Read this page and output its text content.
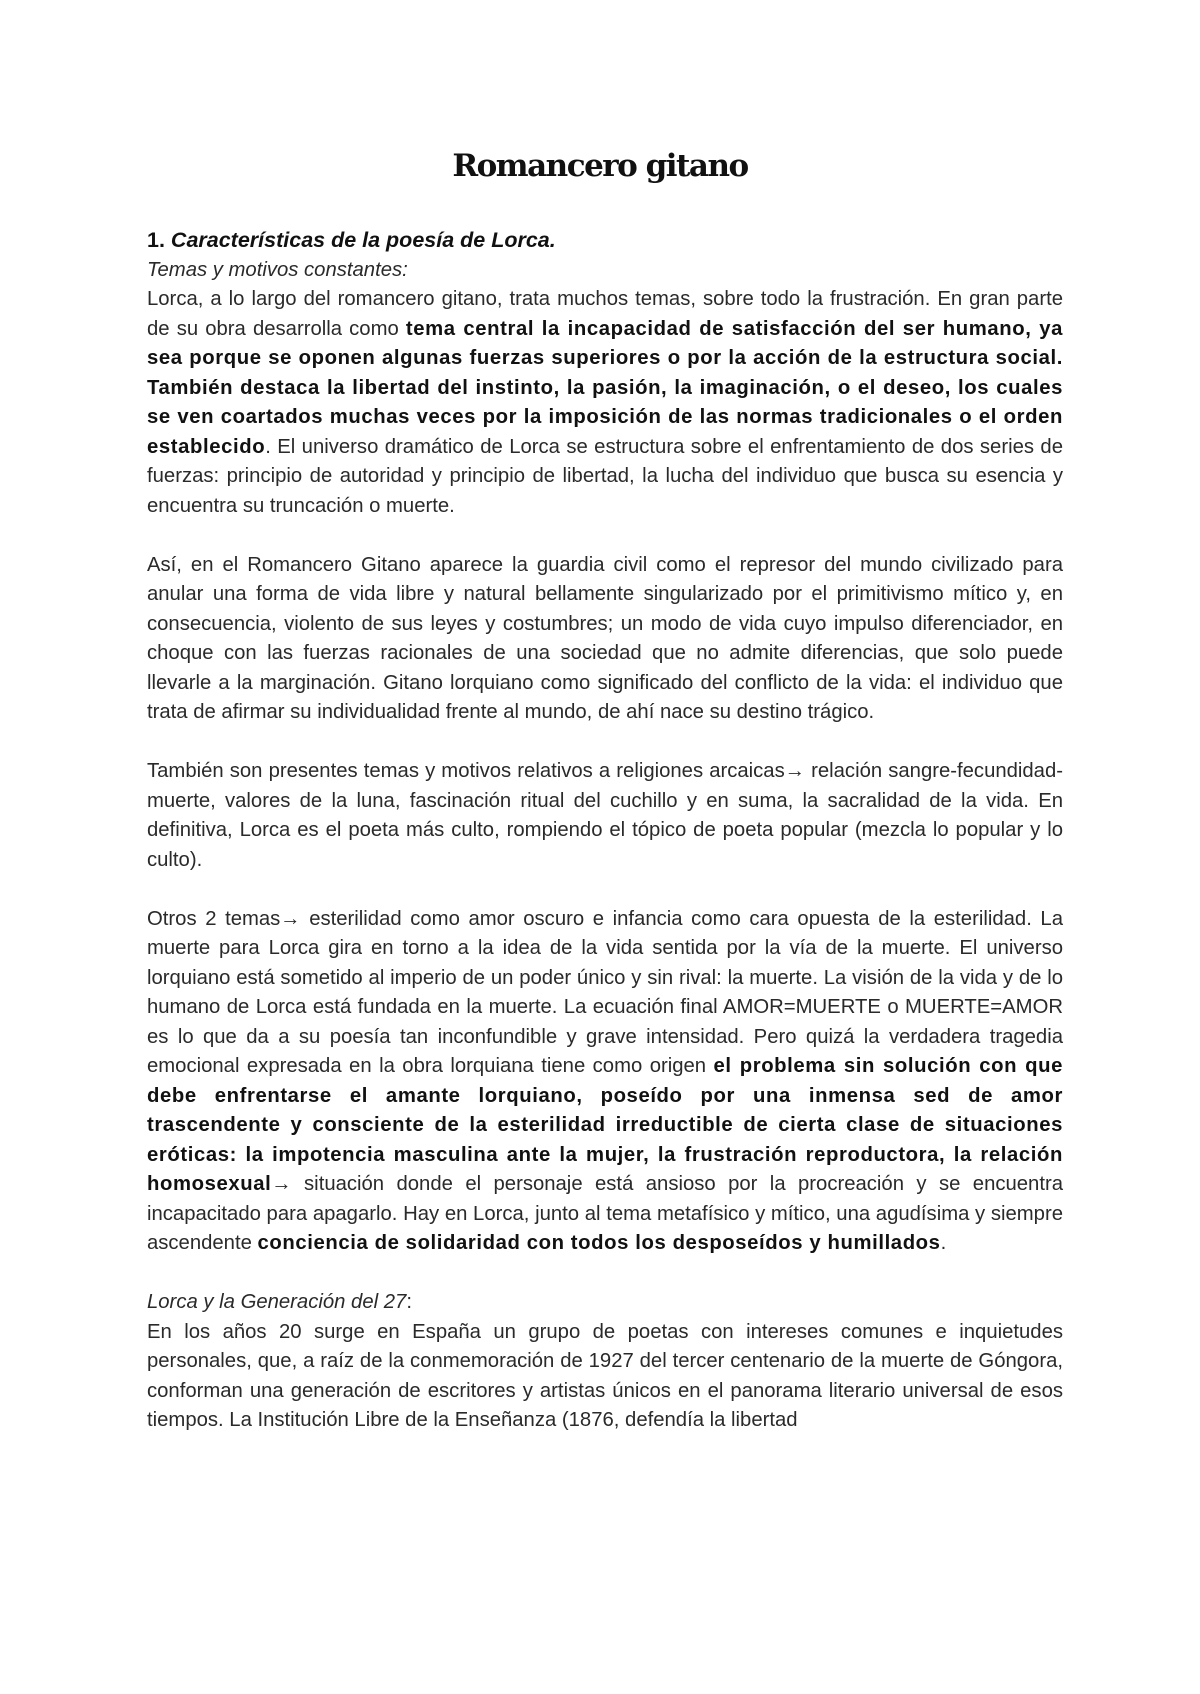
Romancero gitano
1. Características de la poesía de Lorca.
Temas y motivos constantes:

Lorca, a lo largo del romancero gitano, trata muchos temas, sobre todo la frustración. En gran parte de su obra desarrolla como tema central la incapacidad de satisfacción del ser humano, ya sea porque se oponen algunas fuerzas superiores o por la acción de la estructura social. También destaca la libertad del instinto, la pasión, la imaginación, o el deseo, los cuales se ven coartados muchas veces por la imposición de las normas tradicionales o el orden establecido. El universo dramático de Lorca se estructura sobre el enfrentamiento de dos series de fuerzas: principio de autoridad y principio de libertad, la lucha del individuo que busca su esencia y encuentra su truncación o muerte.

Así, en el Romancero Gitano aparece la guardia civil como el represor del mundo civilizado para anular una forma de vida libre y natural bellamente singularizado por el primitivismo mítico y, en consecuencia, violento de sus leyes y costumbres; un modo de vida cuyo impulso diferenciador, en choque con las fuerzas racionales de una sociedad que no admite diferencias, que solo puede llevarle a la marginación. Gitano lorquiano como significado del conflicto de la vida: el individuo que trata de afirmar su individualidad frente al mundo, de ahí nace su destino trágico.

También son presentes temas y motivos relativos a religiones arcaicas→ relación sangre-fecundidad-muerte, valores de la luna, fascinación ritual del cuchillo y en suma, la sacralidad de la vida. En definitiva, Lorca es el poeta más culto, rompiendo el tópico de poeta popular (mezcla lo popular y lo culto).

Otros 2 temas→ esterilidad como amor oscuro e infancia como cara opuesta de la esterilidad. La muerte para Lorca gira en torno a la idea de la vida sentida por la vía de la muerte. El universo lorquiano está sometido al imperio de un poder único y sin rival: la muerte. La visión de la vida y de lo humano de Lorca está fundada en la muerte. La ecuación final AMOR=MUERTE o MUERTE=AMOR es lo que da a su poesía tan inconfundible y grave intensidad. Pero quizá la verdadera tragedia emocional expresada en la obra lorquiana tiene como origen el problema sin solución con que debe enfrentarse el amante lorquiano, poseído por una inmensa sed de amor trascendente y consciente de la esterilidad irreductible de cierta clase de situaciones eróticas: la impotencia masculina ante la mujer, la frustración reproductora, la relación homosexual→ situación donde el personaje está ansioso por la procreación y se encuentra incapacitado para apagarlo. Hay en Lorca, junto al tema metafísico y mítico, una agudísima y siempre ascendente conciencia de solidaridad con todos los desposeídos y humillados.

Lorca y la Generación del 27:

En los años 20 surge en España un grupo de poetas con intereses comunes e inquietudes personales, que, a raíz de la conmemoración de 1927 del tercer centenario de la muerte de Góngora, conforman una generación de escritores y artistas únicos en el panorama literario universal de esos tiempos. La Institución Libre de la Enseñanza (1876, defendía la libertad
